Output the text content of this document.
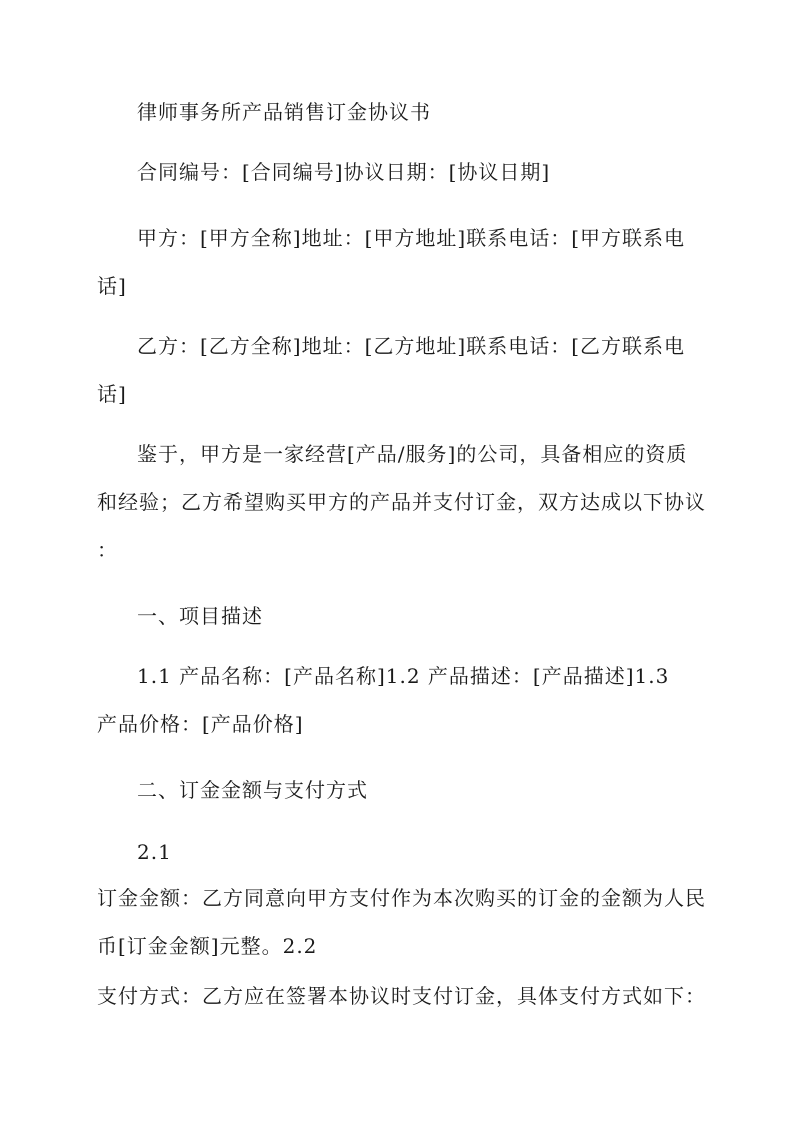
律师事务所产品销售订金协议书
合同编号：[合同编号]协议日期：[协议日期]
甲方：[甲方全称]地址：[甲方地址]联系电话：[甲方联系电
话]
乙方：[乙方全称]地址：[乙方地址]联系电话：[乙方联系电
话]
鉴于，甲方是一家经营[产品/服务]的公司，具备相应的资质
和经验；乙方希望购买甲方的产品并支付订金，双方达成以下协议
：
一、项目描述
1.1 产品名称：[产品名称]1.2 产品描述：[产品描述]1.3
产品价格：[产品价格]
二、订金金额与支付方式
2.1
订金金额：乙方同意向甲方支付作为本次购买的订金的金额为人民
币[订金金额]元整。2.2
支付方式：乙方应在签署本协议时支付订金，具体支付方式如下：
